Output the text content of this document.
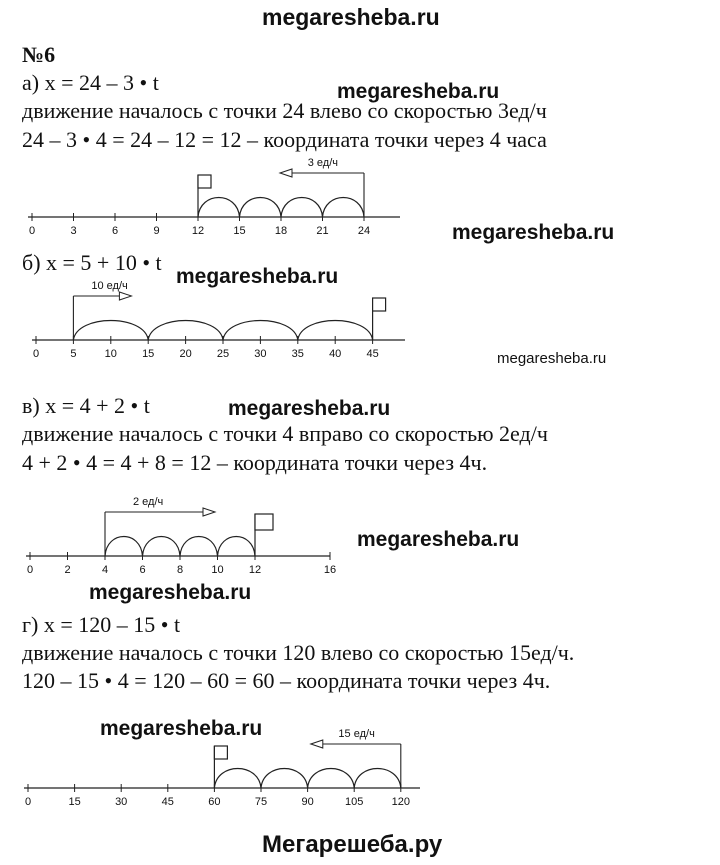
megaresheba.ru
Мегарешеба.ру
№6
а) x = 24 – 3 • t
движение началось с точки 24 влево со скоростью 3ед/ч
24 – 3 • 4 = 24 – 12 = 12 – координата точки через 4 часа
б) x = 5 + 10 • t
в) x = 4 + 2 • t
движение началось с точки 4 вправо со скоростью 2ед/ч
4 + 2 • 4 = 4 + 8 = 12 – координата точки через 4ч.
г) x = 120 – 15 • t
движение началось с точки 120 влево со скоростью 15ед/ч.
120 – 15 • 4 = 120 – 60 = 60 – координата точки через 4ч.
megaresheba.ru
megaresheba.ru
megaresheba.ru
megaresheba.ru
megaresheba.ru
megaresheba.ru
megaresheba.ru
megaresheba.ru
0	3	6	9	12	15	18	21	24
3 ед/ч
0	5	10 15 20 25 30 35 40 45
10 ед/ч
0	2	4	6	8	10 12	16
2 ед/ч
0	15	30	45	60	75	90	105	120
15 ед/ч
